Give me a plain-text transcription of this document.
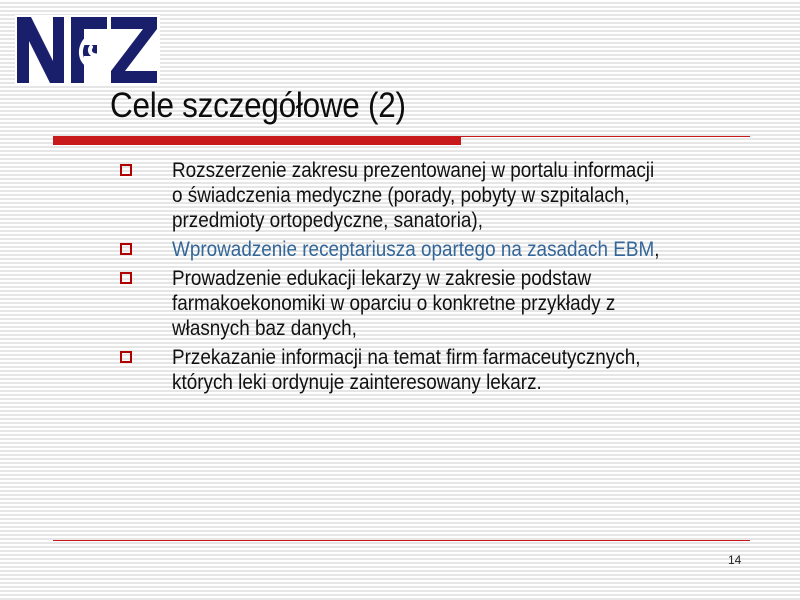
Cele szczegółowe (2)
Rozszerzenie zakresu prezentowanej w portalu informacji
o świadczenia medyczne (porady, pobyty w szpitalach,
przedmioty ortopedyczne, sanatoria),
Wprowadzenie receptariusza opartego na zasadach EBM,
Prowadzenie edukacji lekarzy w zakresie podstaw
farmakoekonomiki w oparciu o konkretne przykłady z
własnych baz danych,
Przekazanie informacji na temat firm farmaceutycznych,
których leki ordynuje zainteresowany lekarz.
14
